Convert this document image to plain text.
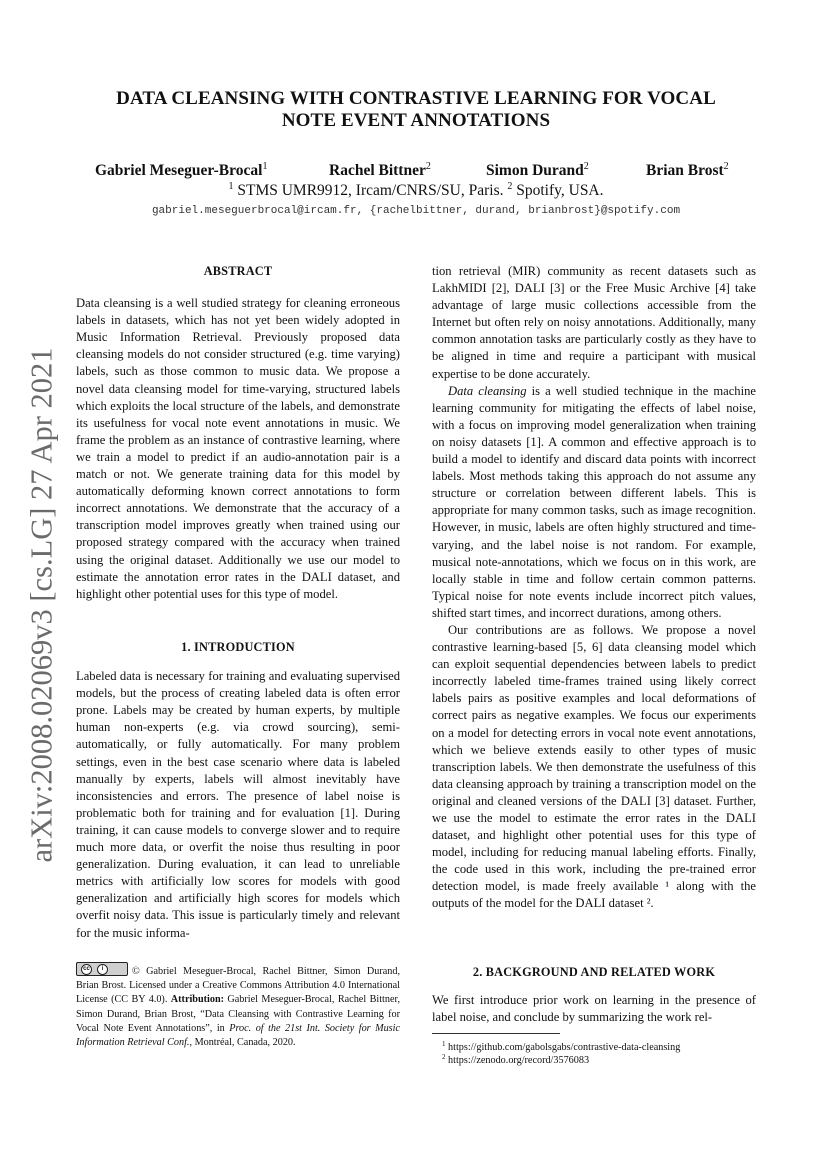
arXiv:2008.02069v3 [cs.LG] 27 Apr 2021
DATA CLEANSING WITH CONTRASTIVE LEARNING FOR VOCAL
NOTE EVENT ANNOTATIONS
Gabriel Meseguer-Brocal$^1$	Rachel Bittner$^2$	Simon Durand$^2$	Brian Brost$^2$
$^1$ STMS UMR9912, Ircam/CNRS/SU, Paris. $^2$ Spotify, USA.
gabriel.meseguerbrocal@ircam.fr, {rachelbittner, durand, brianbrost}@spotify.com
ABSTRACT

Data cleansing is a well studied strategy for cleaning erroneous labels in datasets, which has not yet been widely adopted in Music Information Retrieval. Previously proposed data cleansing models do not consider structured (e.g. time varying) labels, such as those common to music data. We propose a novel data cleansing model for time-varying, structured labels which exploits the local structure of the labels, and demonstrate its usefulness for vocal note event annotations in music. We frame the problem as an instance of contrastive learning, where we train a model to predict if an audio-annotation pair is a match or not. We generate training data for this model by automatically deforming known correct annotations to form incorrect annotations. We demonstrate that the accuracy of a transcription model improves greatly when trained using our proposed strategy compared with the accuracy when trained using the original dataset. Additionally we use our model to estimate the annotation error rates in the DALI dataset, and highlight other potential uses for this type of model.

1. INTRODUCTION

Labeled data is necessary for training and evaluating supervised models, but the process of creating labeled data is often error prone. Labels may be created by human experts, by multiple human non-experts (e.g. via crowd sourcing), semi-automatically, or fully automatically. For many problem settings, even in the best case scenario where data is labeled manually by experts, labels will almost inevitably have inconsistencies and errors. The presence of label noise is problematic both for training and for evaluation [1]. During training, it can cause models to converge slower and to require much more data, or overfit the noise thus resulting in poor generalization. During evaluation, it can lead to unreliable metrics with artificially low scores for models with good generalization and artificially high scores for models which overfit noisy data. This issue is particularly timely and relevant for the music informa-

cc	i	© Gabriel Meseguer-Brocal, Rachel Bittner, Simon Durand, Brian Brost. Licensed under a Creative Commons Attribution 4.0 International License (CC BY 4.0). Attribution: Gabriel Meseguer-Brocal, Rachel Bittner, Simon Durand, Brian Brost, “Data Cleansing with Contrastive Learning for Vocal Note Event Annotations”, in Proc. of the 21st Int. Society for Music Information Retrieval Conf., Montréal, Canada, 2020.

tion retrieval (MIR) community as recent datasets such as LakhMIDI [2], DALI [3] or the Free Music Archive [4] take advantage of large music collections accessible from the Internet but often rely on noisy annotations. Additionally, many common annotation tasks are particularly costly as they have to be aligned in time and require a participant with musical expertise to be done accurately.

Data cleansing is a well studied technique in the machine learning community for mitigating the effects of label noise, with a focus on improving model generalization when training on noisy datasets [1]. A common and effective approach is to build a model to identify and discard data points with incorrect labels. Most methods taking this approach do not assume any structure or correlation between different labels. This is appropriate for many common tasks, such as image recognition. However, in music, labels are often highly structured and time-varying, and the label noise is not random. For example, musical note-annotations, which we focus on in this work, are locally stable in time and follow certain common patterns. Typical noise for note events include incorrect pitch values, shifted start times, and incorrect durations, among others.

Our contributions are as follows. We propose a novel contrastive learning-based [5, 6] data cleansing model which can exploit sequential dependencies between labels to predict incorrectly labeled time-frames trained using likely correct labels pairs as positive examples and local deformations of correct pairs as negative examples. We focus our experiments on a model for detecting errors in vocal note event annotations, which we believe extends easily to other types of music transcription labels. We then demonstrate the usefulness of this data cleansing approach by training a transcription model on the original and cleaned versions of the DALI [3] dataset. Further, we use the model to estimate the error rates in the DALI dataset, and highlight other potential uses for this type of model, including for reducing manual labeling efforts. Finally, the code used in this work, including the pre-trained error detection model, is made freely available ¹ along with the outputs of the model for the DALI dataset ².

2. BACKGROUND AND RELATED WORK

We first introduce prior work on learning in the presence of label noise, and conclude by summarizing the work rel-

$^1$ https://github.com/gabolsgabs/contrastive-data-cleansing
$^2$ https://zenodo.org/record/3576083
